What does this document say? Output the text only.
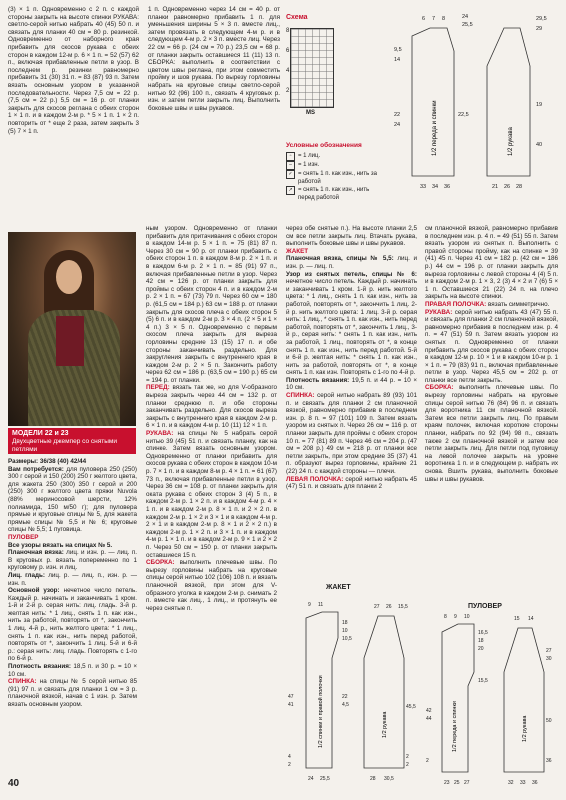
(3) × 1 п. Одновременно с 2 п. с каждой стороны закрыть на высоте спинки РУКАВА: светло-серой нитью набрать 40 (45) 50 п. и связать для планки 40 см = 80 р. резинкой. Одновременно от наборного края прибавить для скосов рукава с обеих сторон в каждом 12-м р. 6 × 1 п. = 52 (57) 62 п., включая прибавленные петли в узор. В последнем р. резинки равномерно прибавить 31 (30) 31 п. = 83 (87) 93 п. Затем вязать основным узором в указанной последовательности. Через 7,5 см = 22 р. (7,5 см = 22 р.) 5,5 см = 16 р. от планки закрыть для скосов реглана с обеих сторон 1 × 1 п. и в каждом 2-м р. * 5 × 1 п. 1 × 2 п. повторить от * еще 2 раза, затем закрыть 3 (5) 7 × 1 п.

1 п. Одновременно через 14 см = 40 р. от планки равномерно прибавить 1 п. для уменьшения ширины 5 × 3 п. вместе лиц., затем провязать в следующем 4-м р. и в следующем 4-м р. 2 × 3 п. вместе лиц. Через 22 см = 66 р. (24 см = 70 р.) 23,5 см = 68 р. от планки закрыть оставшиеся 11 (11) 13 п. СБОРКА: выполнить в соответствии с цветом швы реглана, при этом совместить пройму и шов рукава. По вырезу горловины набрать на круговые спицы светло-серой нитью 92 (96) 100 п., связать 4 круговых р. изн. и затем петли закрыть лиц. Выполнить боковые швы и швы рукавов.

Схема
8
6
4
2
MS
Условные обозначения
▫	= 1 лиц.
–	= 1 изн.
✓ = снять 1 п. как изн., нить за работой
↗ = снять 1 п. как изн., нить перед работой
1/2 переда и спинки	1/2 рукава
6 7 8
9,5
14
24
25,5
29,5
29
22
24
22,5
19
33 34 36	21 26 28
40
МОДЕЛИ 22 и 23
Двухцветные джемпер со снятыми петлями

Размеры: 36/38 (40) 42/44

Вам потребуется: для пуловера 250 (250) 300 г серой и 150 (200) 250 г желтого цвета, для жакета 250 (300) 350 г серой и 200 (250) 300 г желтого цвета пряжи Nuvola (88% мериносовой шерсти, 12% полиамида, 150 м/50 г); для пуловера прямые и круговые спицы № 5, для жакета прямые спицы № 5,5 и № 6; круговые спицы № 5,5; 1 пуговица.

ПУЛОВЕР

Все узоры вязать на спицах № 5.

Планочная вязка: лиц. и изн. р. — лиц. п. В круговых р. вязать попеременно по 1 круговому р. изн. и лиц.

Лиц. гладь: лиц. р. — лиц. п., изн. р. — изн. п.

Основной узор: нечетное число петель. Каждый р. начинать и заканчивать 1 кром. 1-й и 2-й р. серая нить: лиц. гладь. 3-й р. желтая нить: * 1 лиц., снять 1 п. как изн., нить за работой, повторять от *, закончить 1 лиц. 4-й р., нить желтого цвета: * 1 лиц., снять 1 п. как изн., нить перед работой, повторять от *, закончить 1 лиц. 5-й и 6-й р.: серая нить: лиц. гладь. Повторять с 1-го по 6-й р.

Плотность вязания: 18,5 п. и 30 р. = 10 × 10 см.

СПИНКА: на спицы № 5 серой нитью 85 (91) 97 п. и связать для планки 1 см = 3 р. планочной вязкой, начав с 1 изн. р. Затем вязать основным узором.

ным узором. Одновременно от планки прибавить для притачивания с обеих сторон в каждом 14-м р. 5 × 1 п. = 75 (81) 87 п. Через 30 см = 90 р. от планки прибавить с обеих сторон 1 п. в каждом 8-м р. 2 × 1 п. и в каждом 6-м р. 2 × 1 п. = 85 (91) 97 п., включая прибавленные петли в узор. Через 42 см = 126 р. от планки закрыть для проймы с обеих сторон 4 п. и в каждом 2-м р. 2 × 1 п. = 67 (73) 79 п. Через 60 см = 180 р. (61,5 см = 184 р.) 63 см = 188 р. от планки закрыть для скосов плеча с обеих сторон 5 (5) 6 п. и в каждом 2-м р. 3 × 4 п. (2 × 5 и 1 × 4 п.) 3 × 5 п. Одновременно с первым скосом плеча закрыть для выреза горловины средние 13 (15) 17 п. и обе стороны заканчивать раздельно. Для закругления закрыть с внутреннего края в каждом 2-м р. 2 × 5 п. Закончить работу через 62 см = 186 р. (63,5 см = 190 р.) 65 см = 194 р. от планки.

ПЕРЕД: вязать так же, но для V-образного выреза закрыть через 44 см = 132 р. от планки среднюю п. и обе стороны заканчивать раздельно. Для скосов выреза закрыть с внутреннего края в каждом 2-м р. 6 × 1 п. и в каждом 4-м р. 10 (11) 12 × 1 п.

РУКАВА: на спицы № 5 набрать серой нитью 39 (45) 51 п. и связать планку, как на спинке. Затем вязать основным узором. Одновременно от планки прибавить для скосов рукава с обеих сторон в каждом 10-м р. 7 × 1 п. и в каждом 8-м р. 4 × 1 п. = 61 (67) 73 п., включая прибавленные петли в узор. Через 36 см = 108 р. от планки закрыть для оката рукава с обеих сторон 3 (4) 5 п., в каждом 2-м р. 1 × 2 п. и в каждом 4-м р. 4 × 1 п. и в каждом 2-м р. 8 × 1 п. и 2 × 2 п. в каждом 2-м р. 1 × 2 и 3 × 1 и в каждом 4-м р. 2 × 1 и в каждом 2-м р. 8 × 1 и 2 × 2 п.) в каждом 2-м р. 1 × 2 п. и 3 × 1 п. и в каждом 4-м р. 1 × 1 п. и в каждом 2-м р. 9 × 1 и 2 × 2 п. Через 50 см = 150 р. от планки закрыть оставшиеся 15 п.

СБОРКА: выполнить плечевые швы. По вырезу горловины набрать на круговые спицы серой нитью 102 (106) 108 п. и вязать планочной вязкой, при этом для V-образного уголка в каждом 2-м р. снимать 2 п. вместе как лиц., 1 лиц., и протянуть ее через снятые п.

через обе снятые п.). На высоте планки 2,5 см все петли закрыть лиц. Втачать рукава, выполнить боковые швы и швы рукавов.

ЖАКЕТ

Планочная вязка, спицы № 5,5: лиц. и изн. р. — лиц. п.

Узор из снятых петель, спицы № 6: нечетное число петель. Каждый р. начинать и заканчивать 1 кром. 1-й р. нить желтого цвета: * 1 лиц., снять 1 п. как изн., нить за работой, повторять от *, закончить 1 лиц. 2-й р. нить желтого цвета: 1 лиц. 3-й р. серая нить: 1 лиц., * снять 1 п. как изн., нить перед работой, повторять от *, закончить 1 лиц., 3-й р., серая нить: * снять 1 п. как изн., нить за работой, 1 лиц., повторять от *, в конце снять 1 п. как изн., нить перед работой. 5-й и 6-й р. желтая нить: * снять 1 п. как изн., нить за работой, повторять от *, в конце снять 1 п. как изн. Повторять с 1-го по 4-й р.

Плотность вязания: 19,5 п. и 44 р. = 10 × 10 см.

СПИНКА: серой нитью набрать 89 (93) 101 п. и связать для планки 2 см планочной вязкой, равномерно прибавив в последнем изн. р. 8 п. = 97 (101) 109 п. Затем вязать узором из снятых п. Через 26 см = 116 р. от планки закрыть для проймы с обеих сторон 10 п. = 77 (81) 89 п. Через 46 см = 204 р. (47 см = 208 р.) 49 см = 218 р. от планки все петли закрыть, при этом средние 35 (37) 41 п. образуют вырез горловины, крайние 21 (22) 24 п. с каждой стороны — плечи.

ЛЕВАЯ ПОЛОЧКА: серой нитью набрать 45 (47) 51 п. и связать для планки 2

см планочной вязкой, равномерно прибавив в последнем изн. р. 4 п. = 49 (51) 55 п. Затем вязать узором из снятых п. Выполнить с правой стороны пройму, как на спинке = 39 (41) 45 п. Через 41 см = 182 р. (42 см = 186 р.) 44 см = 196 р. от планки закрыть для выреза горловины с левой стороны 4 (4) 5 п. и в каждом 2-м р. 1 × 3, 2 (3) 4 × 2 и 7 (6) 5 × 1 п. Оставшиеся 21 (22) 24 п. на плечо закрыть на высоте спинки.

ПРАВАЯ ПОЛОЧКА: вязать симметрично.

РУКАВА: серой нитью набрать 43 (47) 55 п. и связать для планки 2 см планочной вязкой, равномерно прибавив в последнем изн. р. 4 п. = 47 (51) 59 п. Затем вязать узором из снятых п. Одновременно от планки прибавить для скосов рукава с обеих сторон в каждом 12-м р. 10 × 1 и в каждом 10-м р. 1 × 1 п. = 79 (83) 91 п., включая прибавленные петли в узор. Через 45,5 см = 202 р. от планки все петли закрыть.

СБОРКА: выполнить плечевые швы. По вырезу горловины набрать на круговые спицы серой нитью 76 (84) 96 п. и связать для воротника 11 см планочной вязкой. Затем все петли закрыть лиц. По правым краям полочек, включая короткие стороны планки, набрать по 92 (94) 98 п., связать также 2 см планочной вязкой и затем все петли закрыть лиц. Для петли под пуговицу на левой полочке закрыть на уровне воротника 1 п. и в следующем р. набрать их снова. Вшить рукава, выполнить боковые швы и швы рукавов.

ЖАКЕТ
1/2 спинки и правой полочки	1/2 рукава
9 11
18
10
10,5
47
41
4
2
22
4,5	45,5
27 26 15,5
2
2
24 25,5	28 30,5
ПУЛОВЕР
1/2 переда и спинки	1/2 рукава
8 9 10
16,5
18
20
15,5
42
44
2
23 25 27	32 33 36
15
27
30
50
14
36
40
